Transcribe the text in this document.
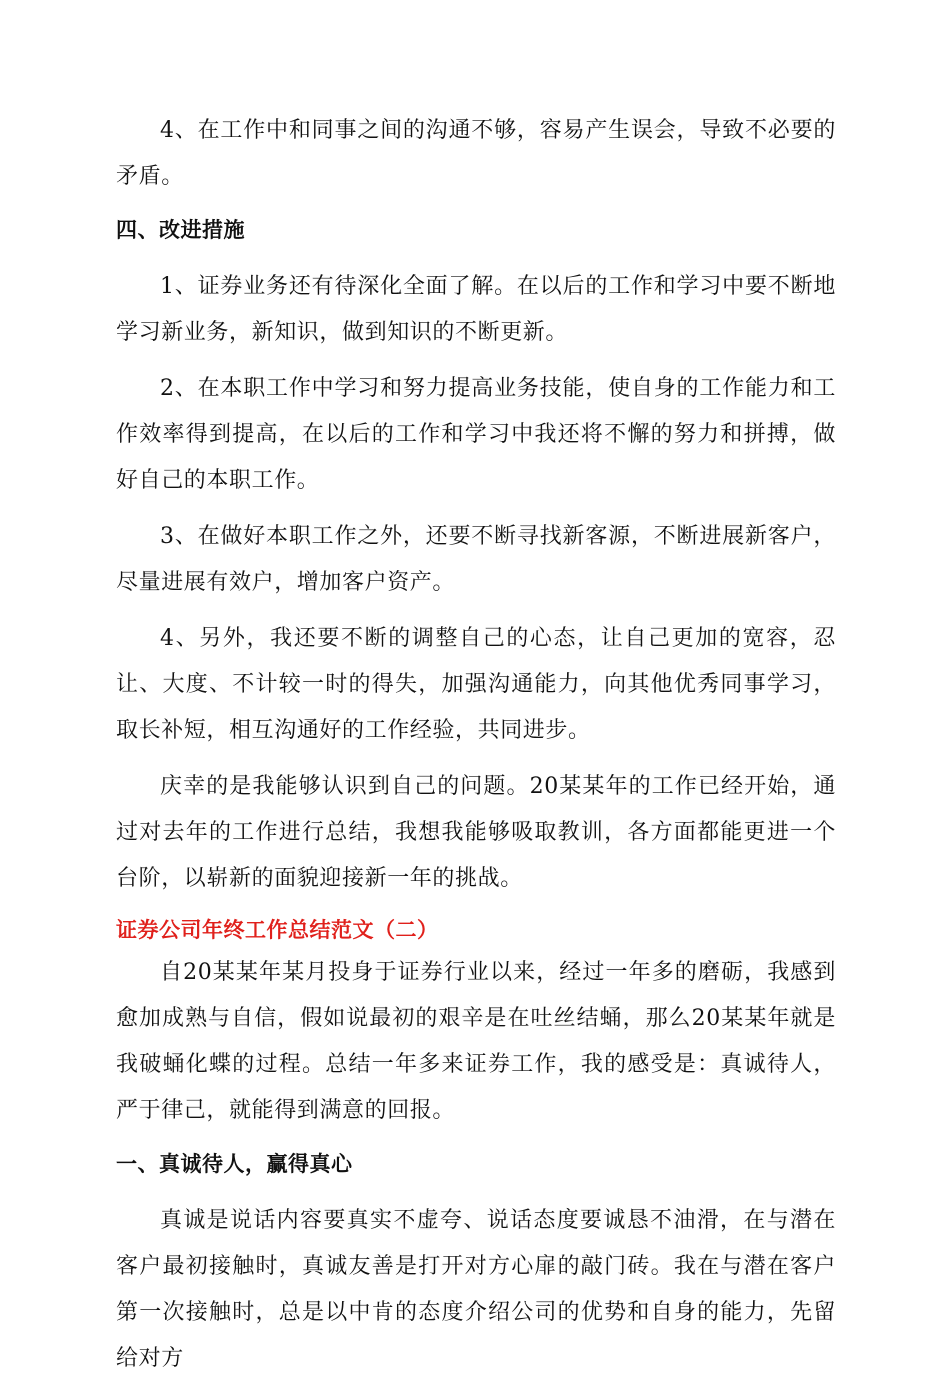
4、在工作中和同事之间的沟通不够，容易产生误会，导致不必要的矛盾。

四、改进措施

1、证券业务还有待深化全面了解。在以后的工作和学习中要不断地学习新业务，新知识，做到知识的不断更新。

2、在本职工作中学习和努力提高业务技能，使自身的工作能力和工作效率得到提高，在以后的工作和学习中我还将不懈的努力和拼搏，做好自己的本职工作。

3、在做好本职工作之外，还要不断寻找新客源，不断进展新客户，尽量进展有效户，增加客户资产。

4、另外，我还要不断的调整自己的心态，让自己更加的宽容，忍让、大度、不计较一时的得失，加强沟通能力，向其他优秀同事学习，取长补短，相互沟通好的工作经验，共同进步。

庆幸的是我能够认识到自己的问题。20某某年的工作已经开始，通过对去年的工作进行总结，我想我能够吸取教训，各方面都能更进一个台阶，以崭新的面貌迎接新一年的挑战。

证券公司年终工作总结范文（二）

自20某某年某月投身于证券行业以来，经过一年多的磨砺，我感到愈加成熟与自信，假如说最初的艰辛是在吐丝结蛹，那么20某某年就是我破蛹化蝶的过程。总结一年多来证券工作，我的感受是：真诚待人，严于律己，就能得到满意的回报。

一、真诚待人，赢得真心

真诚是说话内容要真实不虚夸、说话态度要诚恳不油滑，在与潜在客户最初接触时，真诚友善是打开对方心扉的敲门砖。我在与潜在客户第一次接触时，总是以中肯的态度介绍公司的优势和自身的能力，先留给对方
